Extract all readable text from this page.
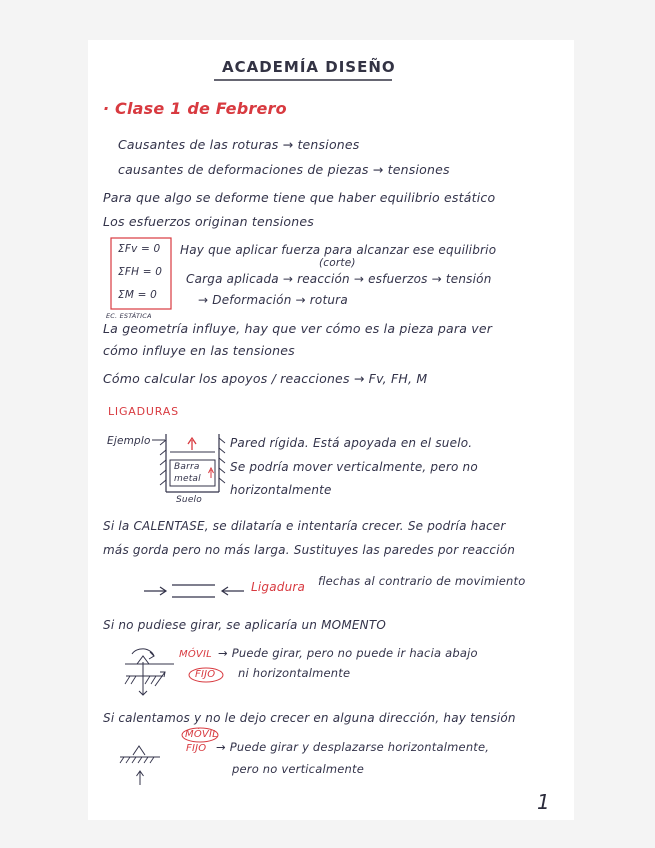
ACADEMÍA DISEÑO
· Clase 1 de Febrero
Causantes de las roturas → tensiones
causantes de deformaciones de piezas → tensiones
Para que algo se deforme tiene que haber equilibrio estático
Los esfuerzos originan tensiones
ΣFv = 0
ΣFH = 0
ΣM = 0
EC. ESTÁTICA
Hay que aplicar fuerza para alcanzar ese equilibrio
(corte)
Carga aplicada → reacción → esfuerzos → tensión
→ Deformación → rotura
La geometría influye, hay que ver cómo es la pieza para ver
cómo influye en las tensiones
Cómo calcular los apoyos / reacciones → Fv, FH, M
LIGADURAS
Ejemplo
Barra
metal
Suelo
Pared rígida. Está apoyada en el suelo.
Se podría mover verticalmente, pero no
horizontalmente
Si la CALENTASE, se dilataría e intentaría crecer. Se podría hacer
más gorda pero no más larga. Sustituyes las paredes por reacción
Ligadura flechas al contrario de movimiento
Si no pudiese girar, se aplicaría un MOMENTO
MÓVIL → Puede girar, pero no puede ir hacia abajo
FIJO ni horizontalmente
Si calentamos y no le dejo crecer en alguna dirección, hay tensión
MÓVIL
FIJO → Puede girar y desplazarse horizontalmente,
pero no verticalmente
1
